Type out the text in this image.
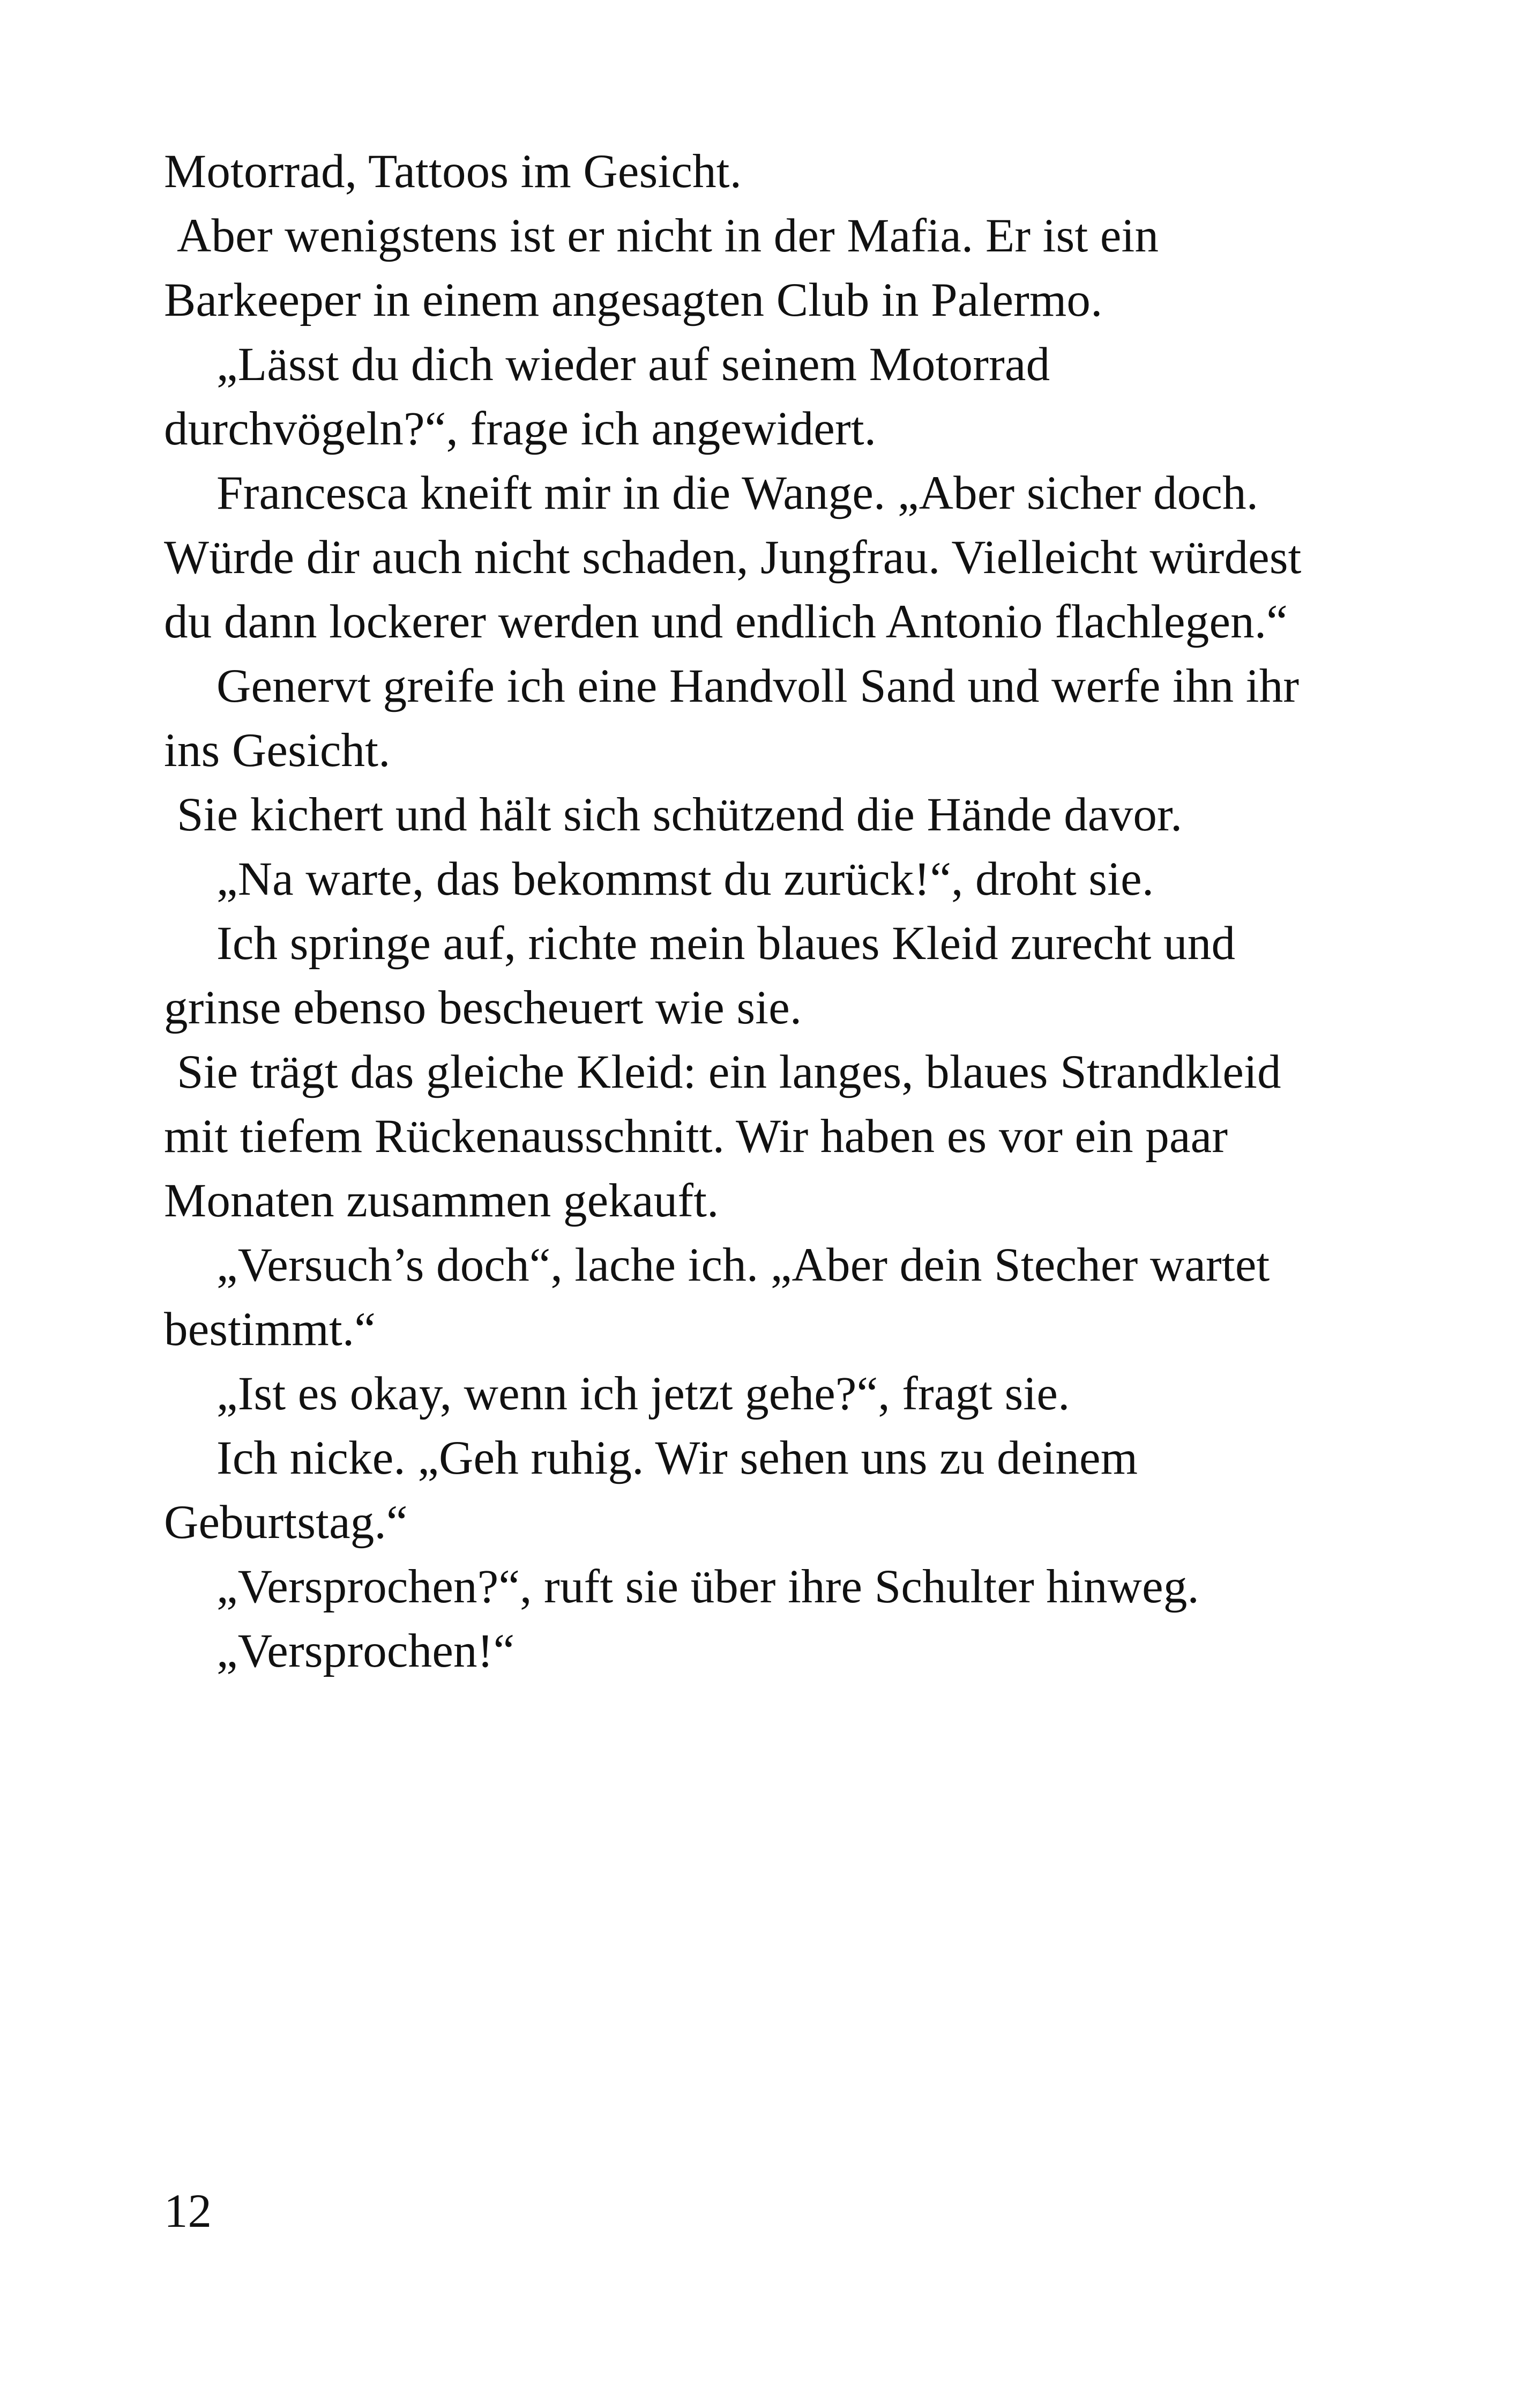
Motorrad, Tattoos im Gesicht.
Aber wenigstens ist er nicht in der Mafia. Er ist ein
Barkeeper in einem angesagten Club in Palermo.
„Lässt du dich wieder auf seinem Motorrad
durchvögeln?“, frage ich angewidert.
Francesca kneift mir in die Wange. „Aber sicher doch.
Würde dir auch nicht schaden, Jungfrau. Vielleicht würdest
du dann lockerer werden und endlich Antonio flachlegen.“
Genervt greife ich eine Handvoll Sand und werfe ihn ihr
ins Gesicht.
Sie kichert und hält sich schützend die Hände davor.
„Na warte, das bekommst du zurück!“, droht sie.
Ich springe auf, richte mein blaues Kleid zurecht und
grinse ebenso bescheuert wie sie.
Sie trägt das gleiche Kleid: ein langes, blaues Strandkleid
mit tiefem Rückenausschnitt. Wir haben es vor ein paar
Monaten zusammen gekauft.
„Versuch’s doch“, lache ich. „Aber dein Stecher wartet
bestimmt.“
„Ist es okay, wenn ich jetzt gehe?“, fragt sie.
Ich nicke. „Geh ruhig. Wir sehen uns zu deinem
Geburtstag.“
„Versprochen?“, ruft sie über ihre Schulter hinweg.
„Versprochen!“
12
